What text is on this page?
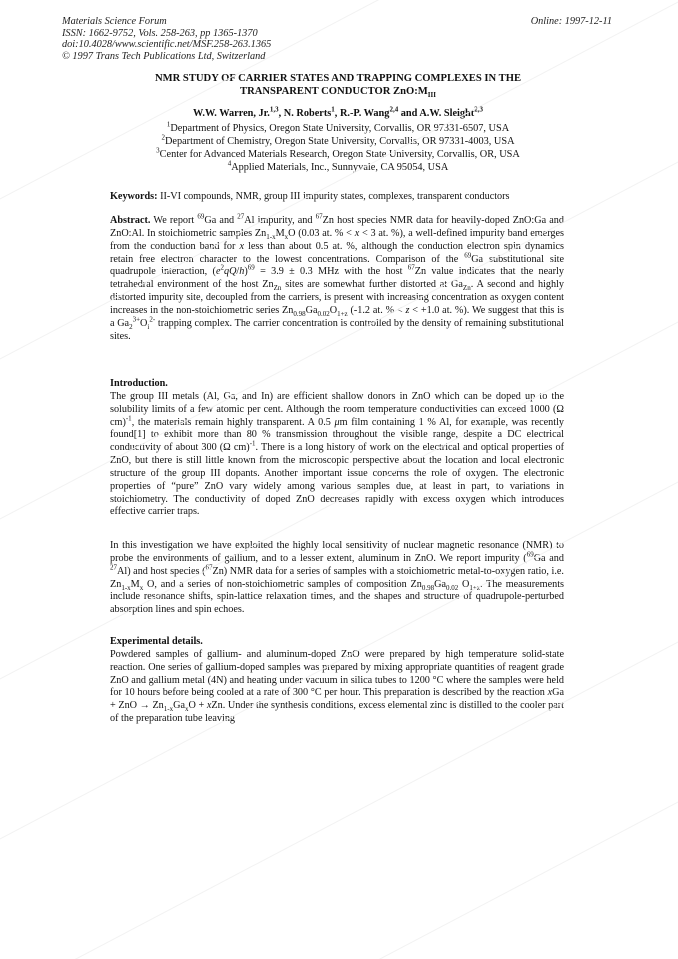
Materials Science Forum
ISSN: 1662-9752, Vols. 258-263, pp 1365-1370
doi:10.4028/www.scientific.net/MSF.258-263.1365
© 1997 Trans Tech Publications Ltd, Switzerland
Online: 1997-12-11
NMR STUDY OF CARRIER STATES AND TRAPPING COMPLEXES IN THE
TRANSPARENT CONDUCTOR $ZnO:M_{III}$
W.W. Warren, Jr.$^{1,3}$, N. Roberts$^1$, R.-P. Wang$^{2,4}$ and A.W. Sleight$^{2,3}$
$^1$Department of Physics, Oregon State University, Corvallis, OR 97331-6507, USA
$^2$Department of Chemistry, Oregon State University, Corvallis, OR 97331-4003, USA
$^3$Center for Advanced Materials Research, Oregon State University, Corvallis, OR, USA
$^4$Applied Materials, Inc., Sunnyvale, CA 95054, USA
Keywords: II-VI compounds, NMR, group III impurity states, complexes, transparent conductors
Abstract. We report $^{69}$Ga and $^{27}$Al impurity, and $^{67}$Zn host species NMR data for heavily-doped ZnO:Ga and ZnO:Al. In stoichiometric samples $Zn_{1-x}M_xO$ (0.03 at. % < x < 3 at. %), a well-defined impurity band emerges from the conduction band for x less than about 0.5 at. %, although the conduction electron spin dynamics retain free electron character to the lowest concentrations. Comparison of the $^{69}$Ga substitutional site quadrupole interaction, $(e^2qQ/h)^{69} = 3.9 \pm 0.3$ MHz with the host $^{67}$Zn value indicates that the nearly tetrahedral environment of the host $Zn_{Zn}$ sites are somewhat further distorted at $Ga_{Zn}$. A second and highly distorted impurity site, decoupled from the carriers, is present with increasing concentration as oxygen content increases in the non-stoichiometric series $Zn_{0.98}Ga_{0.02}O_{1+z}$ (-1.2 at. % < z < +1.0 at. %). We suggest that this is a $Ga_2^{3+}O_i^{2-}$ trapping complex. The carrier concentration is controlled by the density of remaining substitutional sites.
Introduction.
The group III metals (Al, Ga, and In) are efficient shallow donors in ZnO which can be doped up to the solubility limits of a few atomic per cent. Although the room temperature conductivities can exceed 1000 (Ω cm)$^{-1}$, the materials remain highly transparent. A 0.5 μm film containing 1 % Al, for example, was recently found[1] to exhibit more than 80 % transmission throughout the visible range, despite a DC electrical conductivity of about 300 (Ω cm)$^{-1}$. There is a long history of work on the electrical and optical properties of ZnO, but there is still little known from the microscopic perspective about the location and local electronic structure of the group III dopants. Another important issue concerns the role of oxygen. The electronic properties of “pure” ZnO vary widely among various samples due, at least in part, to variations in stoichiometry. The conductivity of doped ZnO decreases rapidly with excess oxygen which introduces effective carrier traps.
In this investigation we have exploited the highly local sensitivity of nuclear magnetic resonance (NMR) to probe the environments of gallium, and to a lesser extent, aluminum in ZnO. We report impurity ($^{69}$Ga and $^{27}$Al) and host species ($^{67}$Zn) NMR data for a series of samples with a stoichiometric metal-to-oxygen ratio, i.e. $Zn_{1-x}M_x$ O, and a series of non-stoichiometric samples of composition $Zn_{0.98}Ga_{0.02}$ $O_{1+z}$. The measurements include resonance shifts, spin-lattice relaxation times, and the shapes and structure of quadrupole-perturbed absorption lines and spin echoes.
Experimental details.
Powdered samples of gallium- and aluminum-doped ZnO were prepared by high temperature solid-state reaction. One series of gallium-doped samples was prepared by mixing appropriate quantities of reagent grade ZnO and gallium metal (4N) and heating under vacuum in silica tubes to 1200 °C where the samples were held for 10 hours before being cooled at a rate of 300 °C per hour. This preparation is described by the reaction xGa + ZnO → $Zn_{1-x}Ga_xO$ + xZn. Under the synthesis conditions, excess elemental zinc is distilled to the cooler part of the preparation tube leaving
